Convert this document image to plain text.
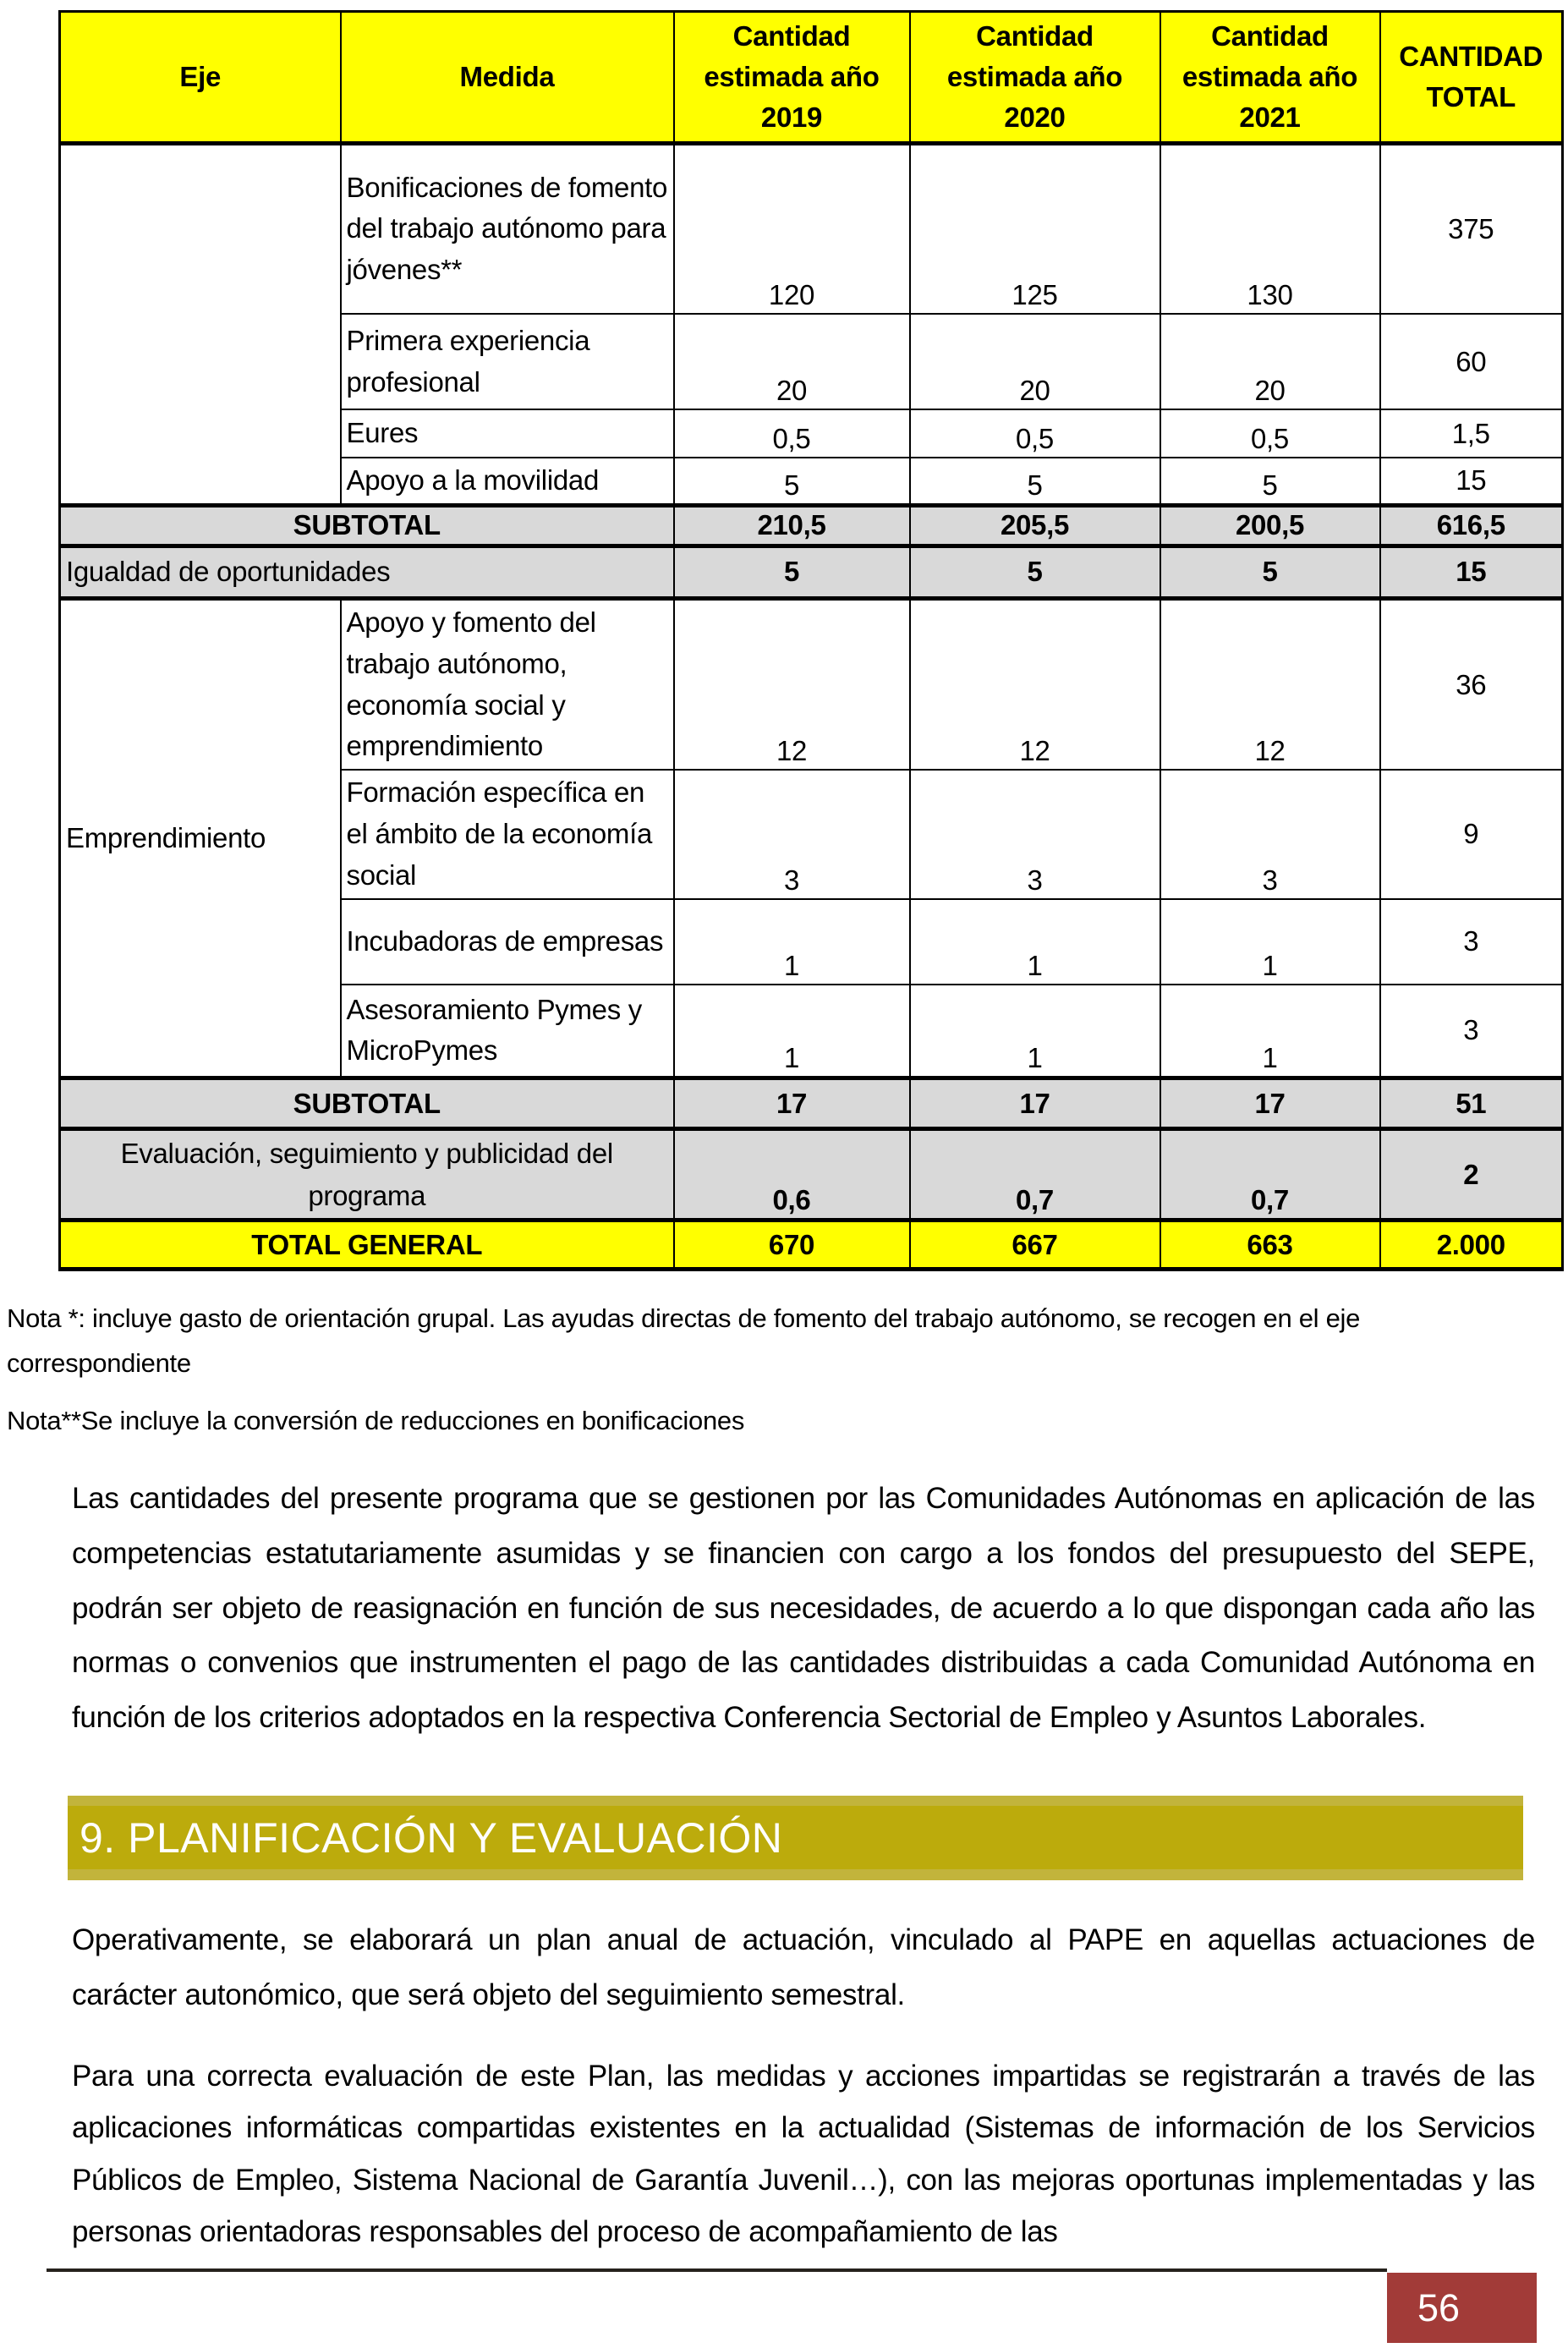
Eje	Medida	Cantidad estimada año 2019	Cantidad estimada año 2020	Cantidad estimada año 2021	CANTIDAD TOTAL
	Bonificaciones de fomento del trabajo autónomo para jóvenes**	120	125	130	375
	Primera experiencia profesional	20	20	20	60
	Eures	0,5	0,5	0,5	1,5
	Apoyo a la movilidad	5	5	5	15
SUBTOTAL		210,5	205,5	200,5	616,5
Igualdad de oportunidades		5	5	5	15
Emprendimiento	Apoyo y fomento del trabajo autónomo, economía social y emprendimiento	12	12	12	36
	Formación específica en el ámbito de la economía social	3	3	3	9
	Incubadoras de empresas	1	1	1	3
	Asesoramiento Pymes y MicroPymes	1	1	1	3
SUBTOTAL		17	17	17	51
Evaluación, seguimiento y publicidad del programa		0,6	0,7	0,7	2
TOTAL GENERAL		670	667	663	2.000

Nota *: incluye gasto de orientación grupal. Las ayudas directas de fomento del trabajo autónomo, se recogen en el eje correspondiente

Nota**Se incluye la conversión de reducciones en bonificaciones

Las cantidades del presente programa que se gestionen por las Comunidades Autónomas en aplicación de las competencias estatutariamente asumidas y se financien con cargo a los fondos del presupuesto del SEPE, podrán ser objeto de reasignación en función de sus necesidades, de acuerdo a lo que dispongan cada año las normas o convenios que instrumenten el pago de las cantidades distribuidas a cada Comunidad Autónoma en función de los criterios adoptados en la respectiva Conferencia Sectorial de Empleo y Asuntos Laborales.

9. PLANIFICACIÓN Y EVALUACIÓN

Operativamente, se elaborará un plan anual de actuación, vinculado al PAPE en aquellas actuaciones de carácter autonómico, que será objeto del seguimiento semestral.

Para una correcta evaluación de este Plan, las medidas y acciones impartidas se registrarán a través de las aplicaciones informáticas compartidas existentes en la actualidad (Sistemas de información de los Servicios Públicos de Empleo, Sistema Nacional de Garantía Juvenil…), con las mejoras oportunas implementadas y las personas orientadoras responsables del proceso de acompañamiento de las

56
